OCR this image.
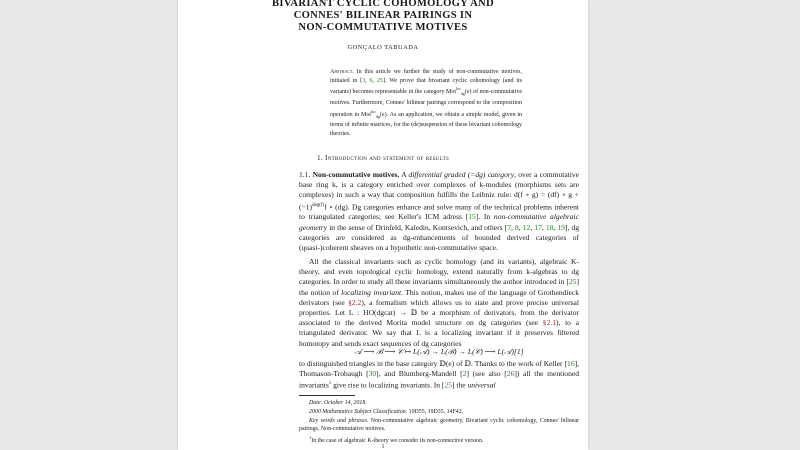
BIVARIANT CYCLIC COHOMOLOGY AND
CONNES' BILINEAR PAIRINGS IN
NON-COMMUTATIVE MOTIVES
GONÇALO TABUADA
Abstract. In this article we further the study of non-commutative motives, initiated in [3, 6, 25]. We prove that bivariant cyclic cohomology (and its variants) becomes representable in the category Mot$^{loc}_{dg}$(e) of non-commutative motives. Furthermore, Connes' bilinear pairings correspond to the composition operation in Mot$^{loc}_{dg}$(e). As an application, we obtain a simple model, given in terms of infinite matrices, for the (de)suspension of these bivariant cohomology theories.
1. Introduction and statement of results
1.1. Non-commutative motives. A differential graded (=dg) category, over a commutative base ring k, is a category enriched over complexes of k-modules (morphisms sets are complexes) in such a way that composition fulfills the Leibniz rule: d(f ∘ g) = (df) ∘ $g + (-1)^{deg(f)}f$ ∘ (dg). Dg categories enhance and solve many of the technical problems inherent to triangulated categories; see Keller's ICM adress [15]. In non-commutative algebraic geometry in the sense of Drinfeld, Kaledin, Kontsevich, and others [7, 8, 12, 17, 18, 19], dg categories are considered as dg-enhancements of bounded derived categories of (quasi-)coherent sheaves on a hypothetic non-commutative space.
All the classical invariants such as cyclic homology (and its variants), algebraic K-theory, and even topological cyclic homology, extend naturally from k-algebras to dg categories. In order to study all these invariants simultaneously the author introduced in [25] the notion of localizing invariant. This notion, makes use of the language of Grothendieck derivators (see §2.2), a formalism which allows us to state and prove precise universal properties. Let L : HO(dgcat) → 𝔻 be a morphism of derivators, from the derivator associated to the derived Morita model structure on dg categories (see §2.1), to a triangulated derivator. We say that L is a localizing invariant if it preserves filtered homotopy and sends exact sequences of dg categories
𝒜 ⟶ ℬ ⟶ 𝒞 ↦ L(𝒜) → L(ℬ) → L(𝒞) ⟶ L(𝒜)[1]
to distinguished triangles in the base category 𝔻(e) of 𝔻. Thanks to the work of Keller [16], Thomason-Trobaugh [30], and Blumberg-Mandell [2] (see also [26]) all the mentioned invariants$^1$ give rise to localizing invariants. In [25] the universal
Date: October 14, 2018.
2000 Mathematics Subject Classification. 19D55, 19D35, 14F42.
Key words and phrases. Non-commutative algebraic geometry, Bivariant cyclic cohomology, Connes' bilinear pairings, Non-commutative motives.
$^1$In the case of algebraic K-theory we consider its non-connective version.
1
